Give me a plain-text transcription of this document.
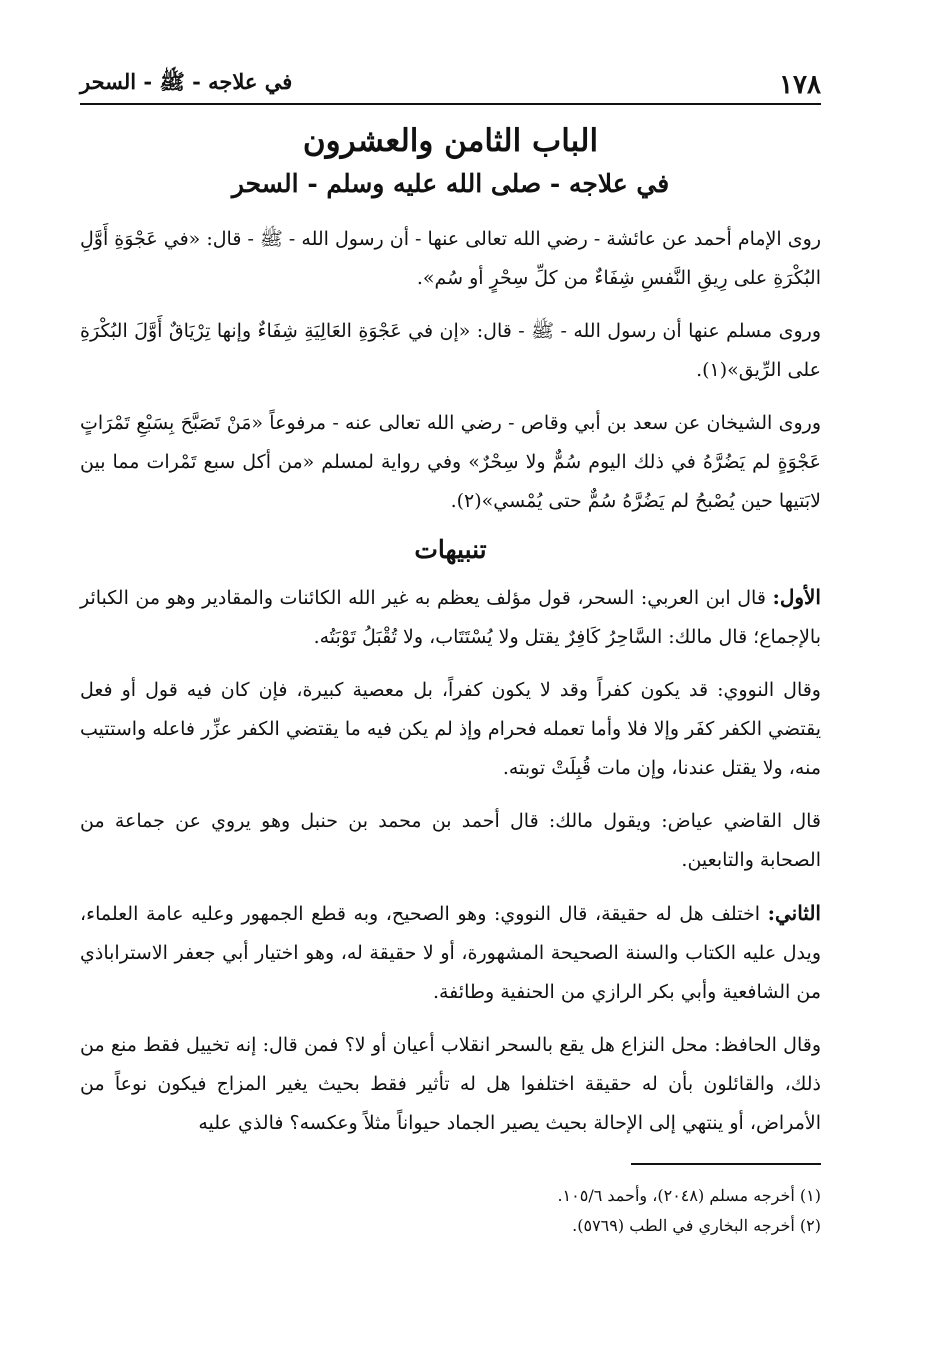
١٧٨
في علاجه - ﷺ - السحر
الباب الثامن والعشرون
في علاجه - صلى الله عليه وسلم - السحر

روى الإمام أحمد عن عائشة - رضي الله تعالى عنها - أن رسول الله - ﷺ - قال: «في عَجْوَةِ أَوَّلِ البُكْرَةِ على رِيقِ النَّفسِ شِفَاءٌ من كلِّ سِحْرٍ أو سُم».

وروى مسلم عنها أن رسول الله - ﷺ - قال: «إن في عَجْوَةِ العَالِيَةِ شِفَاءٌ وإنها تِرْيَاقٌ أَوَّلَ البُكْرَةِ على الرِّيق»(١).

وروى الشيخان عن سعد بن أبي وقاص - رضي الله تعالى عنه - مرفوعاً «مَنْ تَصَبَّحَ بِسَبْعِ تَمْرَاتٍ عَجْوَةٍ لم يَضُرَّهُ في ذلك اليوم سُمٌّ ولا سِحْرٌ» وفي رواية لمسلم «من أكل سبع تَمْرات مما بين لابَتيها حين يُصْبحُ لم يَضُرَّهُ سُمٌّ حتى يُمْسي»(٢).

تنبيهات

الأول: قال ابن العربي: السحر، قول مؤلف يعظم به غير الله الكائنات والمقادير وهو من الكبائر بالإجماع؛ قال مالك: السَّاحِرُ كَافِرٌ يقتل ولا يُسْتَتَاب، ولا تُقْبَلُ تَوْبَتُه.

وقال النووي: قد يكون كفراً وقد لا يكون كفراً، بل معصية كبيرة، فإن كان فيه قول أو فعل يقتضي الكفر كفَر وإلا فلا وأما تعمله فحرام وإذ لم يكن فيه ما يقتضي الكفر عزِّر فاعله واستتيب منه، ولا يقتل عندنا، وإن مات قُبِلَتْ توبته.

قال القاضي عياض: ويقول مالك: قال أحمد بن محمد بن حنبل وهو يروي عن جماعة من الصحابة والتابعين.

الثاني: اختلف هل له حقيقة، قال النووي: وهو الصحيح، وبه قطع الجمهور وعليه عامة العلماء، ويدل عليه الكتاب والسنة الصحيحة المشهورة، أو لا حقيقة له، وهو اختيار أبي جعفر الاستراباذي من الشافعية وأبي بكر الرازي من الحنفية وطائفة.

وقال الحافظ: محل النزاع هل يقع بالسحر انقلاب أعيان أو لا؟ فمن قال: إنه تخييل فقط منع من ذلك، والقائلون بأن له حقيقة اختلفوا هل له تأثير فقط بحيث يغير المزاج فيكون نوعاً من الأمراض، أو ينتهي إلى الإحالة بحيث يصير الجماد حيواناً مثلاً وعكسه؟ فالذي عليه

(١) أخرجه مسلم (٢٠٤٨)، وأحمد ١٠٥/٦.

(٢) أخرجه البخاري في الطب (٥٧٦٩).
